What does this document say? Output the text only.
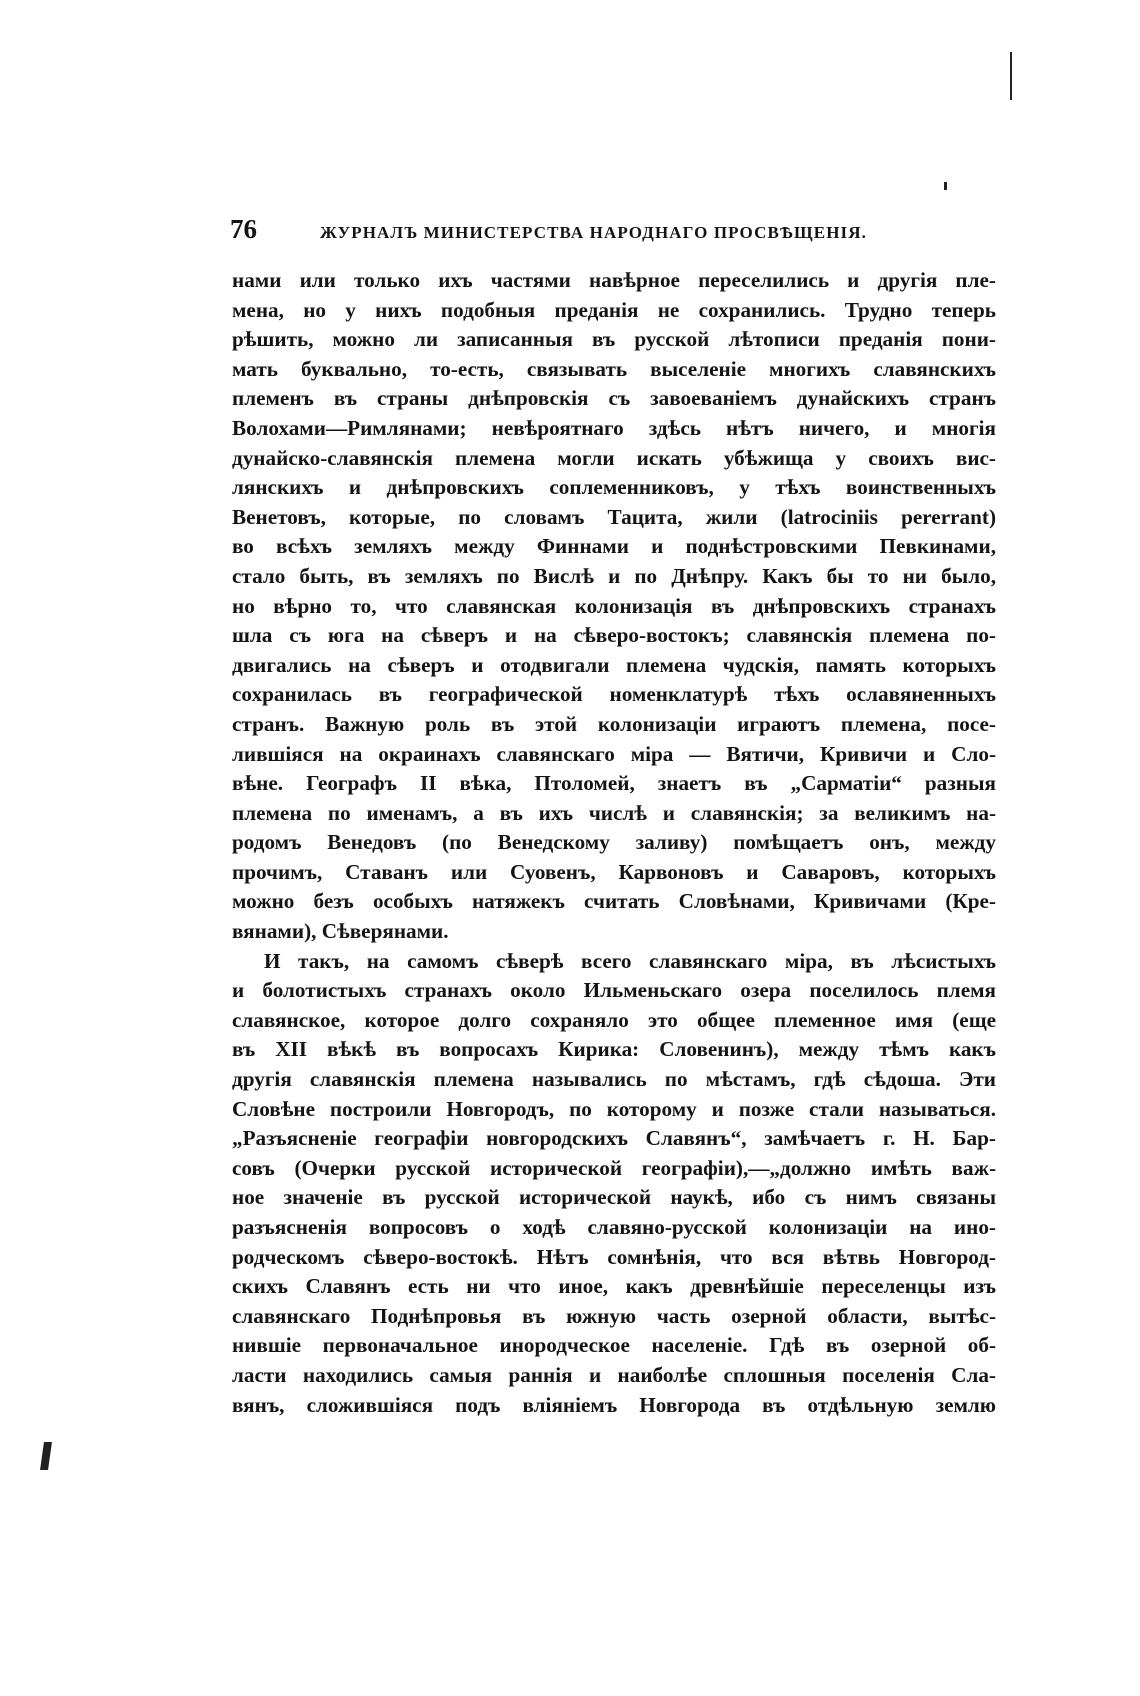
76	ЖУРНАЛЪ МИНИСТЕРСТВА НАРОДНАГО ПРОСВѢЩЕНІЯ.

нами или только ихъ частями навѣрное переселились и другія пле-
мена, но у нихъ подобныя преданія не сохранились. Трудно теперь
рѣшить, можно ли записанныя въ русской лѣтописи преданія пони-
мать буквально, то-есть, связывать выселеніе многихъ славянскихъ
племенъ въ страны днѣпровскія съ завоеваніемъ дунайскихъ странъ
Волохами—Римлянами; невѣроятнаго здѣсь нѣтъ ничего, и многія
дунайско-славянскія племена могли искать убѣжища у своихъ вис-
лянскихъ и днѣпровскихъ соплеменниковъ, у тѣхъ воинственныхъ
Венетовъ, которые, по словамъ Тацита, жили (latrociniis pererrant)
во всѣхъ земляхъ между Финнами и поднѣстровскими Певкинами,
стало быть, въ земляхъ по Вислѣ и по Днѣпру. Какъ бы то ни было,
но вѣрно то, что славянская колонизація въ днѣпровскихъ странахъ
шла съ юга на сѣверъ и на сѣверо-востокъ; славянскія племена по-
двигались на сѣверъ и отодвигали племена чудскія, память которыхъ
сохранилась въ географической номенклатурѣ тѣхъ ославяненныхъ
странъ. Важную роль въ этой колонизаціи играютъ племена, посе-
лившіяся на окраинахъ славянскаго міра — Вятичи, Кривичи и Сло-
вѣне. Географъ II вѣка, Птоломей, знаетъ въ „Сарматіи“ разныя
племена по именамъ, а въ ихъ числѣ и славянскія; за великимъ на-
родомъ Венедовъ (по Венедскому заливу) помѣщаетъ онъ, между
прочимъ, Ставанъ или Суовенъ, Карвоновъ и Саваровъ, которыхъ
можно безъ особыхъ натяжекъ считать Словѣнами, Кривичами (Кре-
вянами), Сѣверянами.

И такъ, на самомъ сѣверѣ всего славянскаго міра, въ лѣсистыхъ
и болотистыхъ странахъ около Ильменьскаго озера поселилось племя
славянское, которое долго сохраняло это общее племенное имя (еще
въ XII вѣкѣ въ вопросахъ Кирика: Словенинъ), между тѣмъ какъ
другія славянскія племена назывались по мѣстамъ, гдѣ сѣдоша. Эти
Словѣне построили Новгородъ, по которому и позже стали называться.
„Разъясненіе географіи новгородскихъ Славянъ“, замѣчаетъ г. Н. Бар-
совъ (Очерки русской исторической географіи),—„должно имѣть важ-
ное значеніе въ русской исторической наукѣ, ибо съ нимъ связаны
разъясненія вопросовъ о ходѣ славяно-русской колонизаціи на ино-
родческомъ сѣверо-востокѣ. Нѣтъ сомнѣнія, что вся вѣтвь Новгород-
скихъ Славянъ есть ни что иное, какъ древнѣйшіе переселенцы изъ
славянскаго Поднѣпровья въ южную часть озерной области, вытѣс-
нившіе первоначальное инородческое населеніе. Гдѣ въ озерной об-
ласти находились самыя раннія и наиболѣе сплошныя поселенія Сла-
вянъ, сложившіяся подъ вліяніемъ Новгорода въ отдѣльную землю
